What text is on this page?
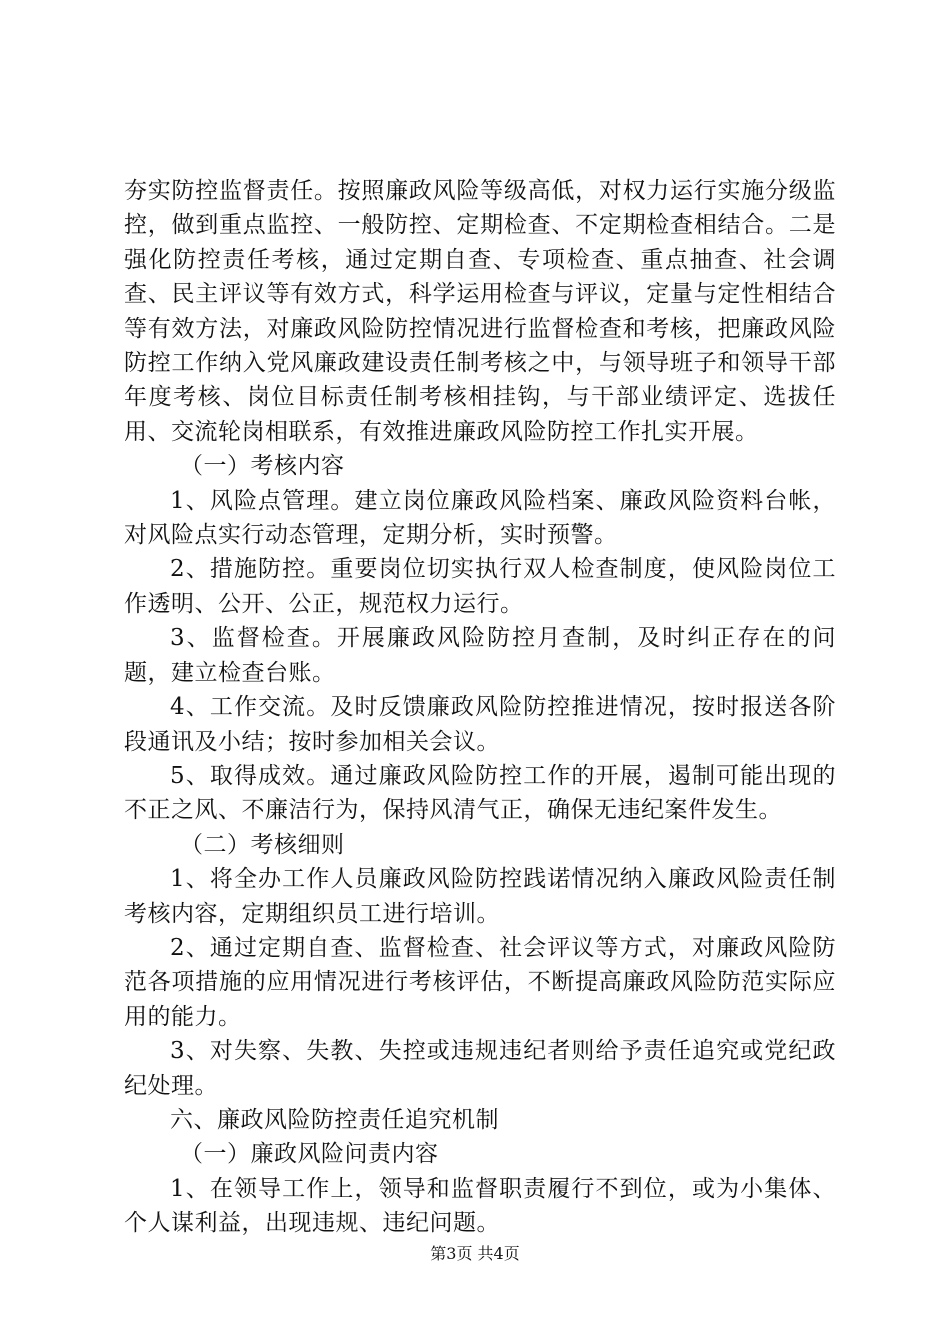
夯实防控监督责任。按照廉政风险等级高低，对权力运行实施分级监控，做到重点监控、一般防控、定期检查、不定期检查相结合。二是强化防控责任考核，通过定期自查、专项检查、重点抽查、社会调查、民主评议等有效方式，科学运用检查与评议，定量与定性相结合等有效方法，对廉政风险防控情况进行监督检查和考核，把廉政风险防控工作纳入党风廉政建设责任制考核之中，与领导班子和领导干部年度考核、岗位目标责任制考核相挂钩，与干部业绩评定、选拔任用、交流轮岗相联系，有效推进廉政风险防控工作扎实开展。

（一）考核内容

1、风险点管理。建立岗位廉政风险档案、廉政风险资料台帐，对风险点实行动态管理，定期分析，实时预警。

2、措施防控。重要岗位切实执行双人检查制度，使风险岗位工作透明、公开、公正，规范权力运行。

3、监督检查。开展廉政风险防控月查制，及时纠正存在的问题，建立检查台账。

4、工作交流。及时反馈廉政风险防控推进情况，按时报送各阶段通讯及小结；按时参加相关会议。

5、取得成效。通过廉政风险防控工作的开展，遏制可能出现的不正之风、不廉洁行为，保持风清气正，确保无违纪案件发生。

（二）考核细则

1、将全办工作人员廉政风险防控践诺情况纳入廉政风险责任制考核内容，定期组织员工进行培训。

2、通过定期自查、监督检查、社会评议等方式，对廉政风险防范各项措施的应用情况进行考核评估，不断提高廉政风险防范实际应用的能力。

3、对失察、失教、失控或违规违纪者则给予责任追究或党纪政纪处理。

六、廉政风险防控责任追究机制

（一）廉政风险问责内容

1、在领导工作上，领导和监督职责履行不到位，或为小集体、个人谋利益，出现违规、违纪问题。

第3页 共4页
